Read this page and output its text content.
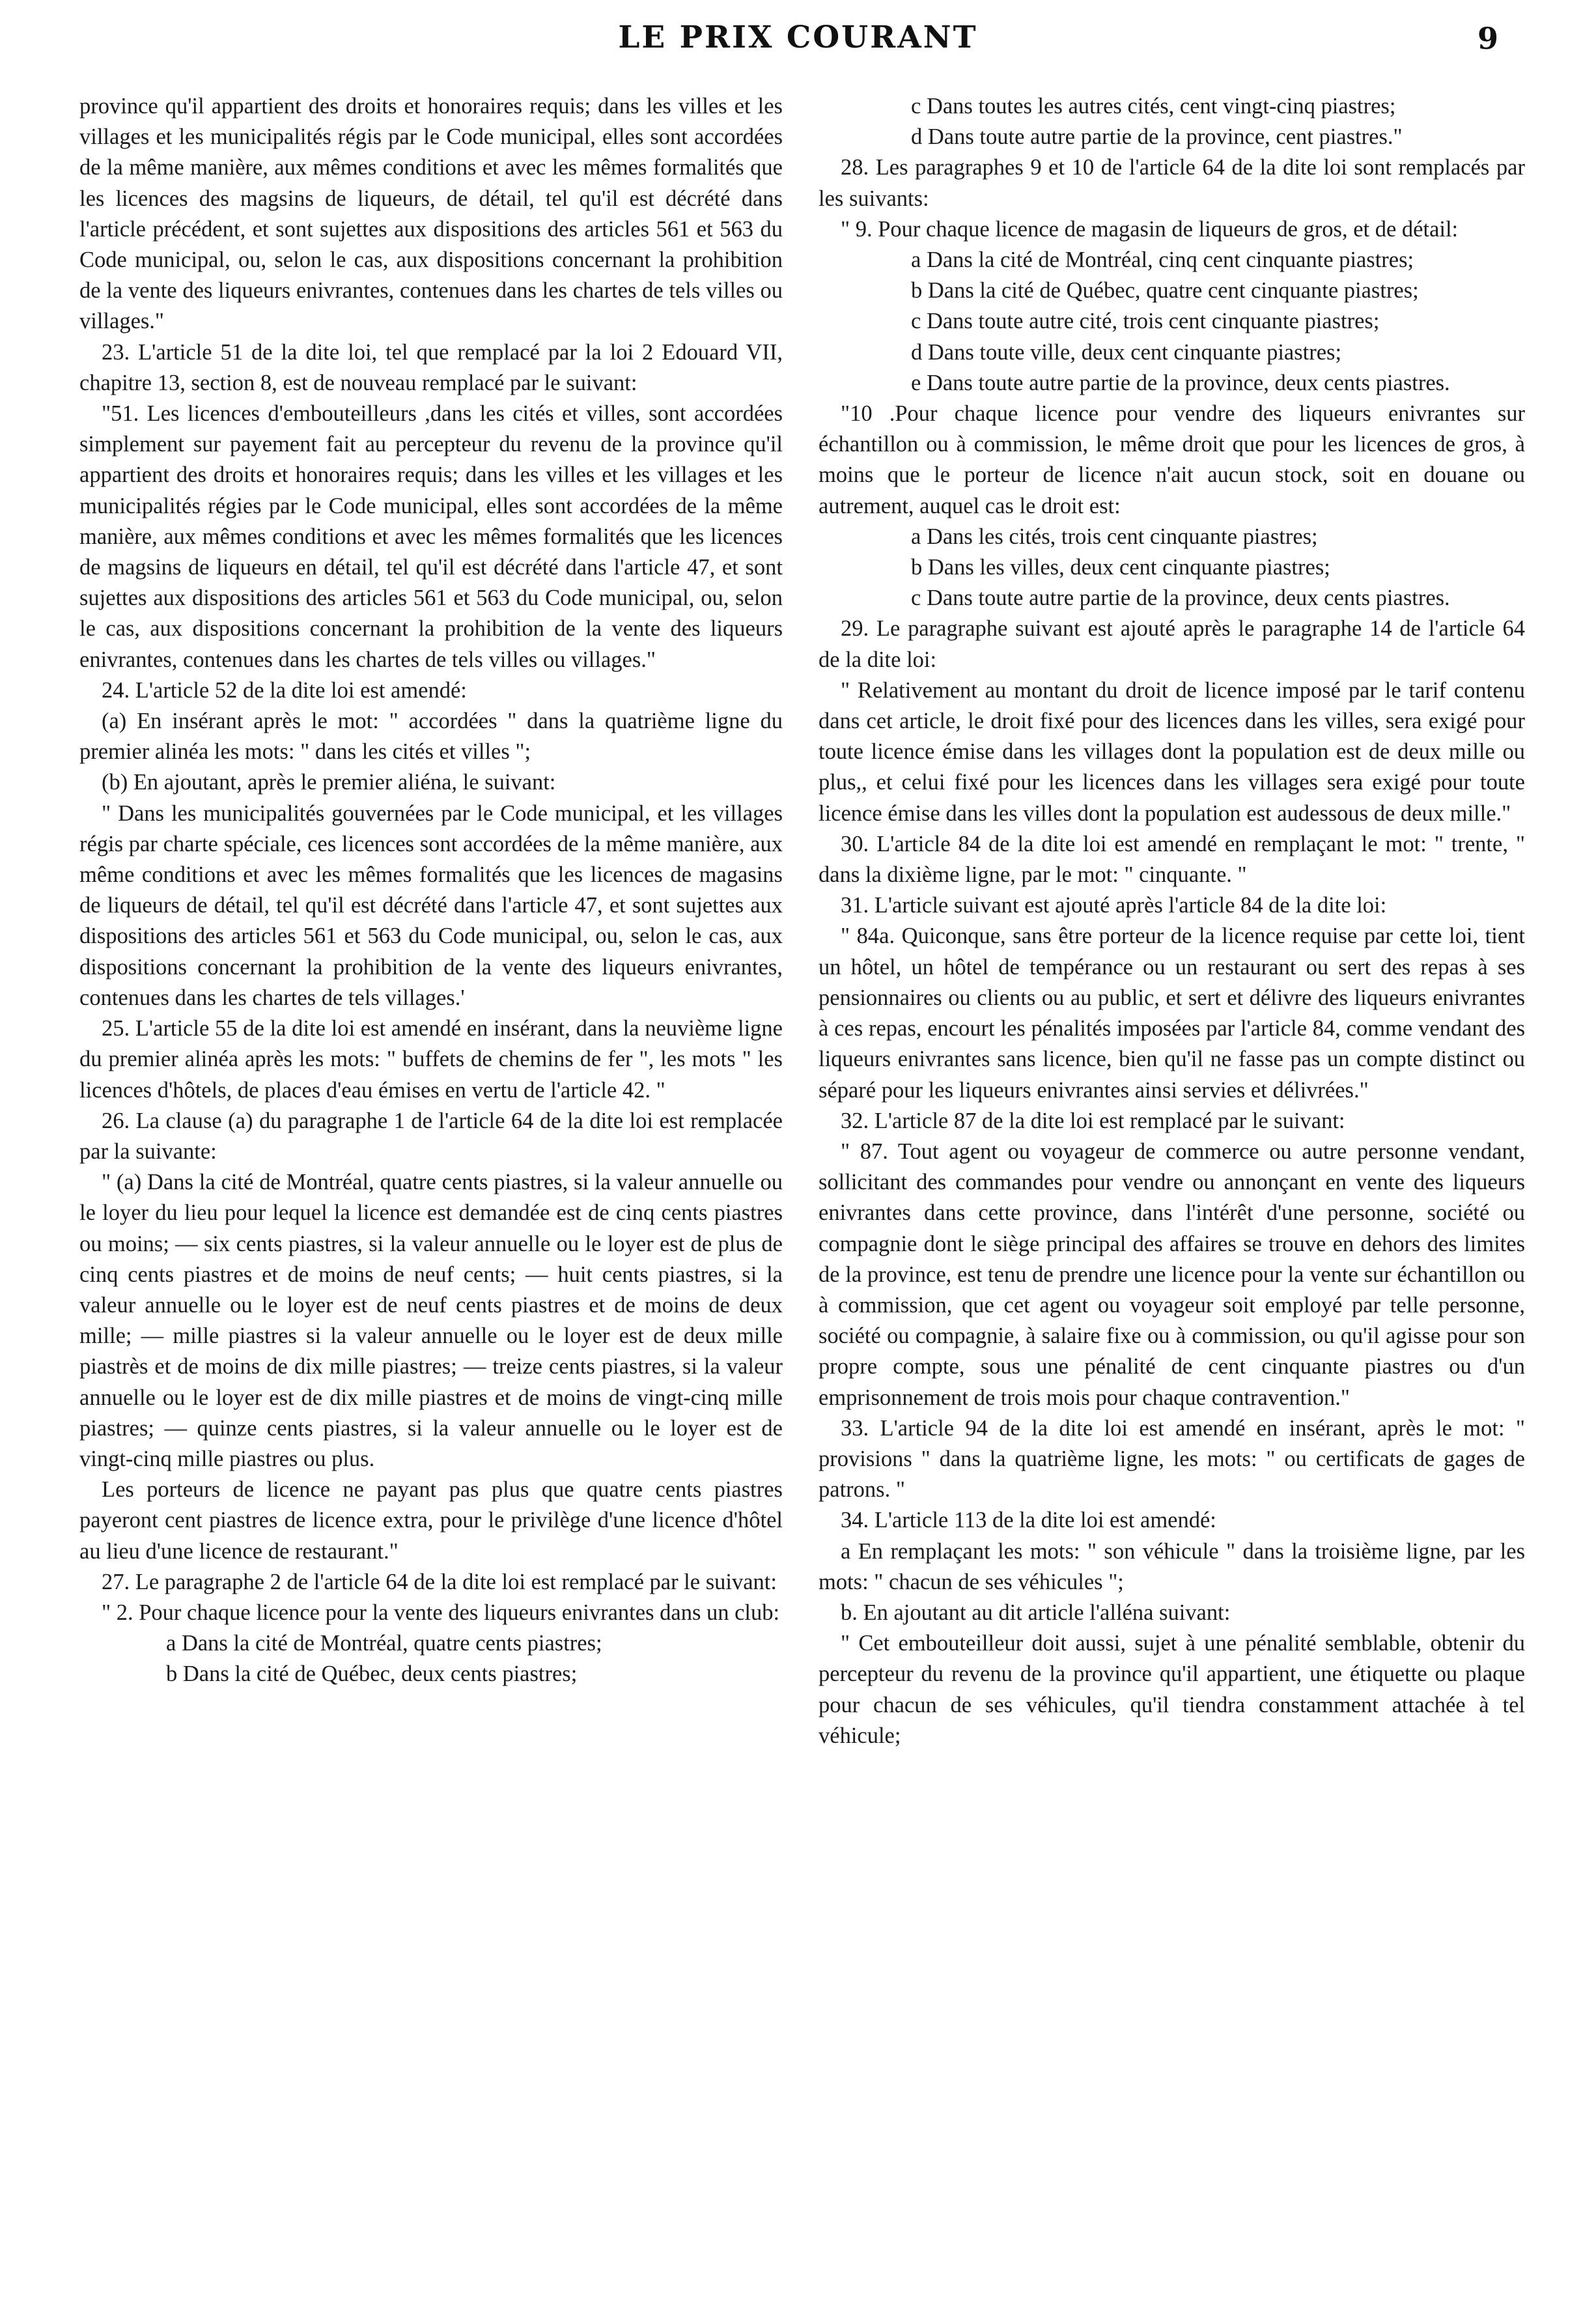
LE PRIX COURANT	9

province qu'il appartient des droits et honoraires requis; dans les villes et les villages et les municipalités régis par le Code municipal, elles sont accordées de la même manière, aux mêmes conditions et avec les mêmes formalités que les licences des magsins de liqueurs, de détail, tel qu'il est décrété dans l'article précédent, et sont sujettes aux dispositions des articles 561 et 563 du Code municipal, ou, selon le cas, aux dispositions concernant la prohibition de la vente des liqueurs enivrantes, contenues dans les chartes de tels villes ou villages."

23. L'article 51 de la dite loi, tel que remplacé par la loi 2 Edouard VII, chapitre 13, section 8, est de nouveau remplacé par le suivant:

"51. Les licences d'embouteilleurs ,dans les cités et villes, sont accordées simplement sur payement fait au percepteur du revenu de la province qu'il appartient des droits et honoraires requis; dans les villes et les villages et les municipalités régies par le Code municipal, elles sont accordées de la même manière, aux mêmes conditions et avec les mêmes formalités que les licences de magsins de liqueurs en détail, tel qu'il est décrété dans l'article 47, et sont sujettes aux dispositions des articles 561 et 563 du Code municipal, ou, selon le cas, aux dispositions concernant la prohibition de la vente des liqueurs enivrantes, contenues dans les chartes de tels villes ou villages."

24. L'article 52 de la dite loi est amendé:

(a) En insérant après le mot: " accordées " dans la quatrième ligne du premier alinéa les mots: " dans les cités et villes ";

(b) En ajoutant, après le premier aliéna, le suivant:

" Dans les municipalités gouvernées par le Code municipal, et les villages régis par charte spéciale, ces licences sont accordées de la même manière, aux même conditions et avec les mêmes formalités que les licences de magasins de liqueurs de détail, tel qu'il est décrété dans l'article 47, et sont sujettes aux dispositions des articles 561 et 563 du Code municipal, ou, selon le cas, aux dispositions concernant la prohibition de la vente des liqueurs enivrantes, contenues dans les chartes de tels villages.'

25. L'article 55 de la dite loi est amendé en insérant, dans la neuvième ligne du premier alinéa après les mots: " buffets de chemins de fer ", les mots " les licences d'hôtels, de places d'eau émises en vertu de l'article 42. "

26. La clause (a) du paragraphe 1 de l'article 64 de la dite loi est remplacée par la suivante:

" (a) Dans la cité de Montréal, quatre cents piastres, si la valeur annuelle ou le loyer du lieu pour lequel la licence est demandée est de cinq cents piastres ou moins; — six cents piastres, si la valeur annuelle ou le loyer est de plus de cinq cents piastres et de moins de neuf cents; — huit cents piastres, si la valeur annuelle ou le loyer est de neuf cents piastres et de moins de deux mille; — mille piastres si la valeur annuelle ou le loyer est de deux mille piastrès et de moins de dix mille piastres; — treize cents piastres, si la valeur annuelle ou le loyer est de dix mille piastres et de moins de vingt-cinq mille piastres; — quinze cents piastres, si la valeur annuelle ou le loyer est de vingt-cinq mille piastres ou plus.

Les porteurs de licence ne payant pas plus que quatre cents piastres payeront cent piastres de licence extra, pour le privilège d'une licence d'hôtel au lieu d'une licence de restaurant."

27. Le paragraphe 2 de l'article 64 de la dite loi est remplacé par le suivant:

" 2. Pour chaque licence pour la vente des liqueurs enivrantes dans un club:

a Dans la cité de Montréal, quatre cents piastres;

b Dans la cité de Québec, deux cents piastres;

c Dans toutes les autres cités, cent vingt-cinq piastres;

d Dans toute autre partie de la province, cent piastres."

28. Les paragraphes 9 et 10 de l'article 64 de la dite loi sont remplacés par les suivants:

" 9. Pour chaque licence de magasin de liqueurs de gros, et de détail:

a Dans la cité de Montréal, cinq cent cinquante piastres;

b Dans la cité de Québec, quatre cent cinquante piastres;

c Dans toute autre cité, trois cent cinquante piastres;

d Dans toute ville, deux cent cinquante piastres;

e Dans toute autre partie de la province, deux cents piastres.

"10 .Pour chaque licence pour vendre des liqueurs enivrantes sur échantillon ou à commission, le même droit que pour les licences de gros, à moins que le porteur de licence n'ait aucun stock, soit en douane ou autrement, auquel cas le droit est:

a Dans les cités, trois cent cinquante piastres;

b Dans les villes, deux cent cinquante piastres;

c Dans toute autre partie de la province, deux cents piastres.

29. Le paragraphe suivant est ajouté après le paragraphe 14 de l'article 64 de la dite loi:

" Relativement au montant du droit de licence imposé par le tarif contenu dans cet article, le droit fixé pour des licences dans les villes, sera exigé pour toute licence émise dans les villages dont la population est de deux mille ou plus,, et celui fixé pour les licences dans les villages sera exigé pour toute licence émise dans les villes dont la population est audessous de deux mille."

30. L'article 84 de la dite loi est amendé en remplaçant le mot: " trente, " dans la dixième ligne, par le mot: " cinquante. "

31. L'article suivant est ajouté après l'article 84 de la dite loi:

" 84a. Quiconque, sans être porteur de la licence requise par cette loi, tient un hôtel, un hôtel de tempérance ou un restaurant ou sert des repas à ses pensionnaires ou clients ou au public, et sert et délivre des liqueurs enivrantes à ces repas, encourt les pénalités imposées par l'article 84, comme vendant des liqueurs enivrantes sans licence, bien qu'il ne fasse pas un compte distinct ou séparé pour les liqueurs enivrantes ainsi servies et délivrées."

32. L'article 87 de la dite loi est remplacé par le suivant:

" 87. Tout agent ou voyageur de commerce ou autre personne vendant, sollicitant des commandes pour vendre ou annonçant en vente des liqueurs enivrantes dans cette province, dans l'intérêt d'une personne, société ou compagnie dont le siège principal des affaires se trouve en dehors des limites de la province, est tenu de prendre une licence pour la vente sur échantillon ou à commission, que cet agent ou voyageur soit employé par telle personne, société ou compagnie, à salaire fixe ou à commission, ou qu'il agisse pour son propre compte, sous une pénalité de cent cinquante piastres ou d'un emprisonnement de trois mois pour chaque contravention."

33. L'article 94 de la dite loi est amendé en insérant, après le mot: " provisions " dans la quatrième ligne, les mots: " ou certificats de gages de patrons. "

34. L'article 113 de la dite loi est amendé:

a En remplaçant les mots: " son véhicule " dans la troisième ligne, par les mots: " chacun de ses véhicules ";

b. En ajoutant au dit article l'alléna suivant:

" Cet embouteilleur doit aussi, sujet à une pénalité semblable, obtenir du percepteur du revenu de la province qu'il appartient, une étiquette ou plaque pour chacun de ses véhicules, qu'il tiendra constamment attachée à tel véhicule;
